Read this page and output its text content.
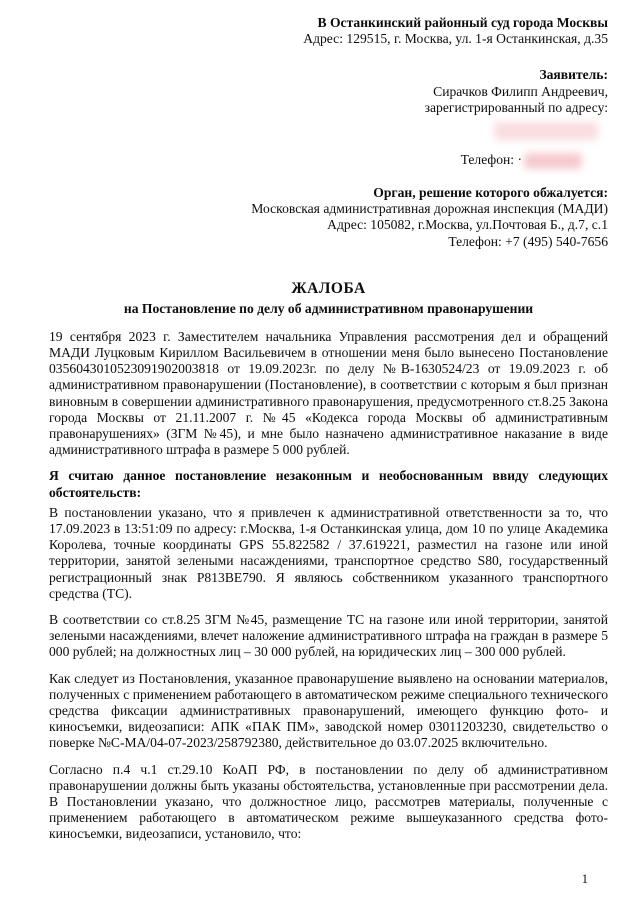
В Останкинский районный суд города Москвы
Адрес: 129515, г. Москва, ул. 1-я Останкинская, д.35
Заявитель:
Сирачков Филипп Андреевич,
зарегистрированный по адресу:
Телефон: ·
Орган, решение которого обжалуется:
Московская административная дорожная инспекция (МАДИ)
Адрес: 105082, г.Москва, ул.Почтовая Б., д.7, с.1
Телефон: +7 (495) 540-7656
ЖАЛОБА
на Постановление по делу об административном правонарушении

19 сентября 2023 г. Заместителем начальника Управления рассмотрения дел и обращений МАДИ Луцковым Кириллом Васильевичем в отношении меня было вынесено Постановление 0356043010523091902003818 от 19.09.2023г. по делу №В-1630524/23 от 19.09.2023 г. об административном правонарушении (Постановление), в соответствии с которым я был признан виновным в совершении административного правонарушения, предусмотренного ст.8.25 Закона города Москвы от 21.11.2007 г. №45 «Кодекса города Москвы об административным правонарушениях» (ЗГМ №45), и мне было назначено административное наказание в виде административного штрафа в размере 5 000 рублей.

Я считаю данное постановление незаконным и необоснованным ввиду следующих обстоятельств:

В постановлении указано, что я привлечен к административной ответственности за то, что 17.09.2023 в 13:51:09 по адресу: г.Москва, 1-я Останкинская улица, дом 10 по улице Академика Королева, точные координаты GPS 55.822582 / 37.619221, разместил на газоне или иной территории, занятой зелеными насаждениями, транспортное средство S80, государственный регистрационный знак Р813ВЕ790. Я являюсь собственником указанного транспортного средства (ТС).

В соответствии со ст.8.25 ЗГМ №45, размещение ТС на газоне или иной территории, занятой зелеными насаждениями, влечет наложение административного штрафа на граждан в размере 5 000 рублей; на должностных лиц – 30 000 рублей, на юридических лиц – 300 000 рублей.

Как следует из Постановления, указанное правонарушение выявлено на основании материалов, полученных с применением работающего в автоматическом режиме специального технического средства фиксации административных правонарушений, имеющего функцию фото- и киносъемки, видеозаписи: АПК «ПАК ПМ», заводской номер 03011203230, свидетельство о поверке №С-МА/04-07-2023/258792380, действительное до 03.07.2025 включительно.

Согласно п.4 ч.1 ст.29.10 КоАП РФ, в постановлении по делу об административном правонарушении должны быть указаны обстоятельства, установленные при рассмотрении дела. В Постановлении указано, что должностное лицо, рассмотрев материалы, полученные с применением работающего в автоматическом режиме вышеуказанного средства фото-киносъемки, видеозаписи, установило, что:

1
